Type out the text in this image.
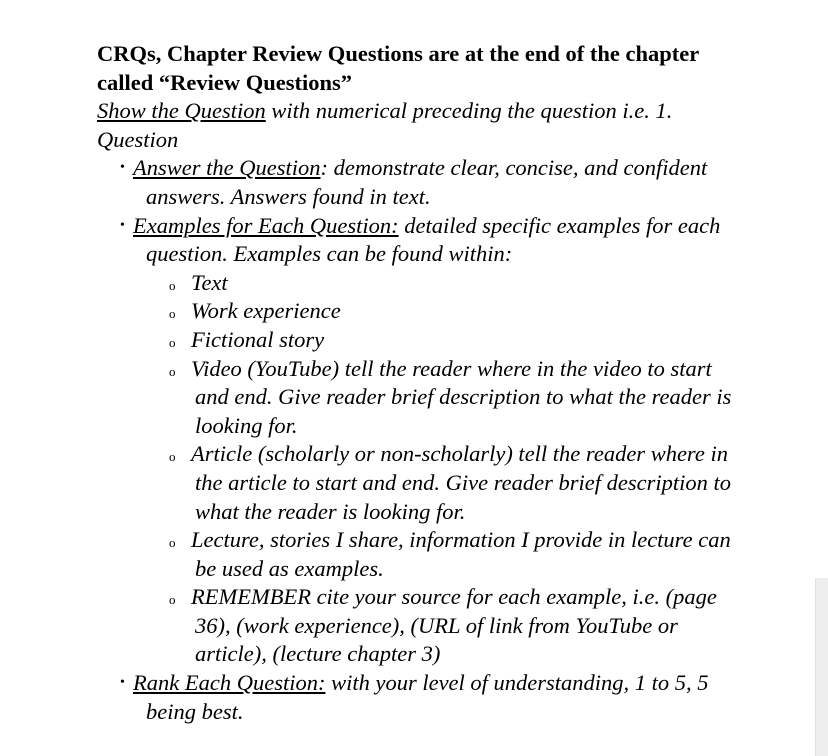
CRQs, Chapter Review Questions are at the end of the chapter called “Review Questions”

Show the Question with numerical preceding the question i.e. 1. Question

• Answer the Question: demonstrate clear, concise, and confident answers. Answers found in text.
• Examples for Each Question: detailed specific examples for each question. Examples can be found within:
o Text
o Work experience
o Fictional story
o Video (YouTube) tell the reader where in the video to start and end. Give reader brief description to what the reader is looking for.
o Article (scholarly or non-scholarly) tell the reader where in the article to start and end. Give reader brief description to what the reader is looking for.
o Lecture, stories I share, information I provide in lecture can be used as examples.
o REMEMBER cite your source for each example, i.e. (page 36), (work experience), (URL of link from YouTube or article), (lecture chapter 3)
• Rank Each Question: with your level of understanding, 1 to 5, 5 being best.
